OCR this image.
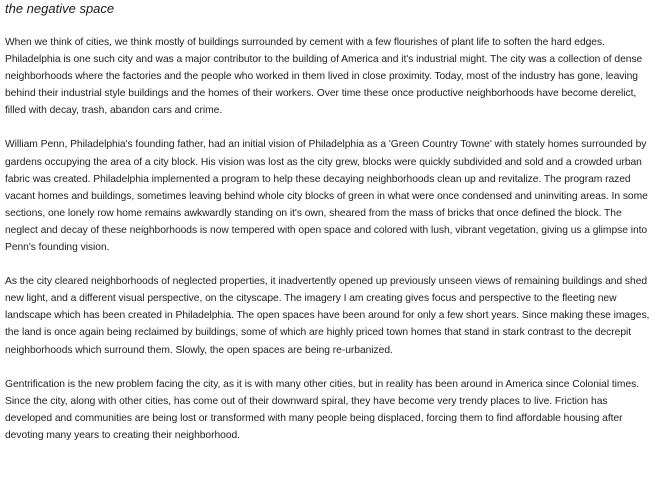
the negative space

When we think of cities, we think mostly of buildings surrounded by cement with a few flourishes of plant life to soften the hard edges. Philadelphia is one such city and was a major contributor to the building of America and it's industrial might. The city was a collection of dense neighborhoods where the factories and the people who worked in them lived in close proximity. Today, most of the industry has gone, leaving behind their industrial style buildings and the homes of their workers. Over time these once productive neighborhoods have become derelict, filled with decay, trash, abandon cars and crime.

William Penn, Philadelphia's founding father, had an initial vision of Philadelphia as a 'Green Country Towne' with stately homes surrounded by gardens occupying the area of a city block. His vision was lost as the city grew, blocks were quickly subdivided and sold and a crowded urban fabric was created. Philadelphia implemented a program to help these decaying neighborhoods clean up and revitalize. The program razed vacant homes and buildings, sometimes leaving behind whole city blocks of green in what were once condensed and uninviting areas. In some sections, one lonely row home remains awkwardly standing on it's own, sheared from the mass of bricks that once defined the block. The neglect and decay of these neighborhoods is now tempered with open space and colored with lush, vibrant vegetation, giving us a glimpse into Penn's founding vision.

As the city cleared neighborhoods of neglected properties, it inadvertently opened up previously unseen views of remaining buildings and shed new light, and a different visual perspective, on the cityscape. The imagery I am creating gives focus and perspective to the fleeting new landscape which has been created in Philadelphia. The open spaces have been around for only a few short years. Since making these images, the land is once again being reclaimed by buildings, some of which are highly priced town homes that stand in stark contrast to the decrepit neighborhoods which surround them. Slowly, the open spaces are being re-urbanized.

Gentrification is the new problem facing the city, as it is with many other cities, but in reality has been around in America since Colonial times. Since the city, along with other cities, has come out of their downward spiral, they have become very trendy places to live. Friction has developed and communities are being lost or transformed with many people being displaced, forcing them to find affordable housing after devoting many years to creating their neighborhood.
